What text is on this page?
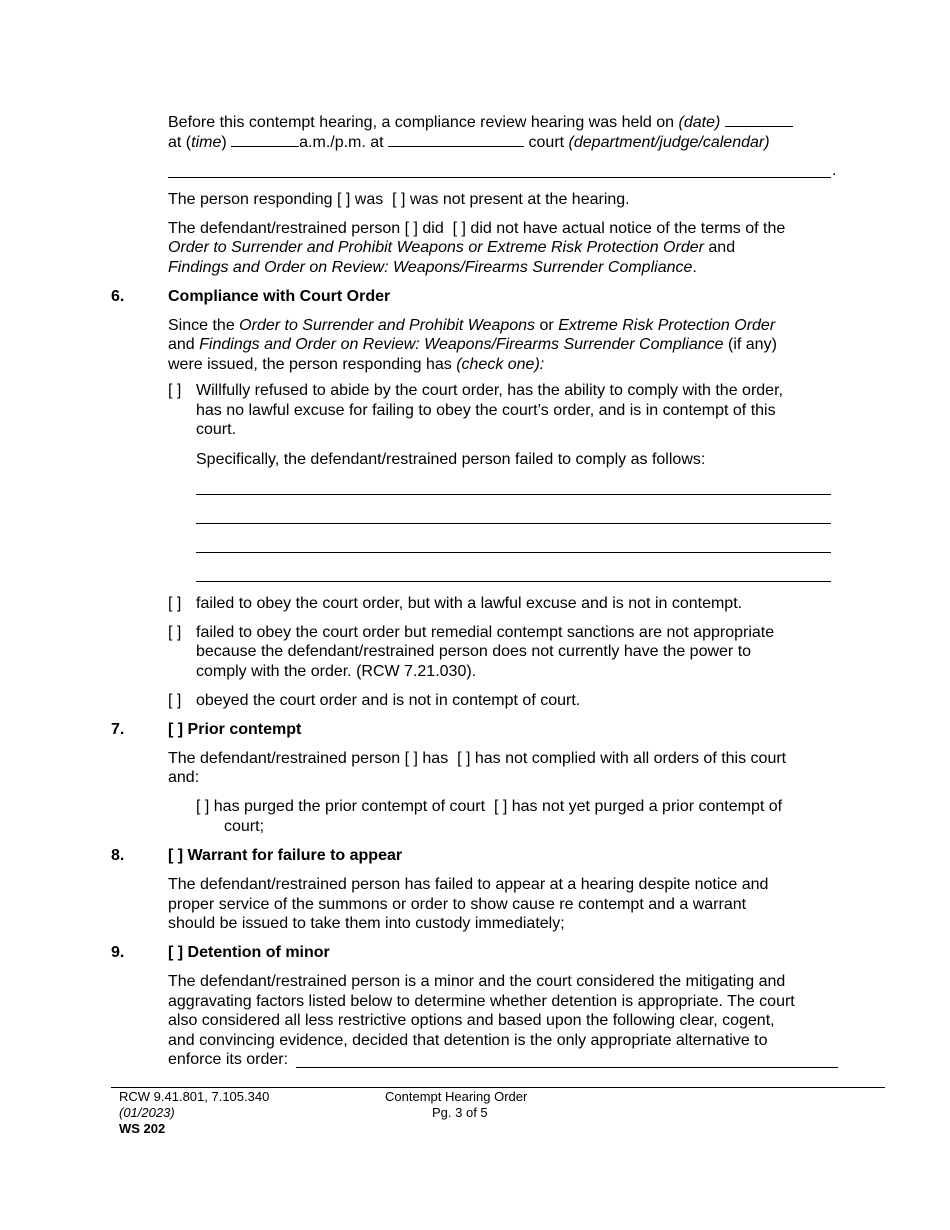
Before this contempt hearing, a compliance review hearing was held on (date)
at (time)	a.m./p.m. at	court (department/judge/calendar)
.
The person responding [ ] was [ ] was not present at the hearing.
The defendant/restrained person [ ] did [ ] did not have actual notice of the terms of the
Order to Surrender and Prohibit Weapons or Extreme Risk Protection Order and
Findings and Order on Review: Weapons/Firearms Surrender Compliance.
6.	Compliance with Court Order
Since the Order to Surrender and Prohibit Weapons or Extreme Risk Protection Order
and Findings and Order on Review: Weapons/Firearms Surrender Compliance (if any)
were issued, the person responding has (check one):
[ ] Willfully refused to abide by the court order, has the ability to comply with the order,
has no lawful excuse for failing to obey the court’s order, and is in contempt of this
court.
Specifically, the defendant/restrained person failed to comply as follows:
[ ] failed to obey the court order, but with a lawful excuse and is not in contempt.
[ ] failed to obey the court order but remedial contempt sanctions are not appropriate
because the defendant/restrained person does not currently have the power to
comply with the order. (RCW 7.21.030).
[ ] obeyed the court order and is not in contempt of court.
7.	[ ] Prior contempt
The defendant/restrained person [ ] has [ ] has not complied with all orders of this court
and:
[ ] has purged the prior contempt of court [ ] has not yet purged a prior contempt of
court;
8.	[ ] Warrant for failure to appear
The defendant/restrained person has failed to appear at a hearing despite notice and
proper service of the summons or order to show cause re contempt and a warrant
should be issued to take them into custody immediately;
9.	[ ] Detention of minor
The defendant/restrained person is a minor and the court considered the mitigating and
aggravating factors listed below to determine whether detention is appropriate. The court
also considered all less restrictive options and based upon the following clear, cogent,
and convincing evidence, decided that detention is the only appropriate alternative to
enforce its order:
RCW 9.41.801, 7.105.340
(01/2023)
WS 202
Contempt Hearing Order
Pg. 3 of 5
